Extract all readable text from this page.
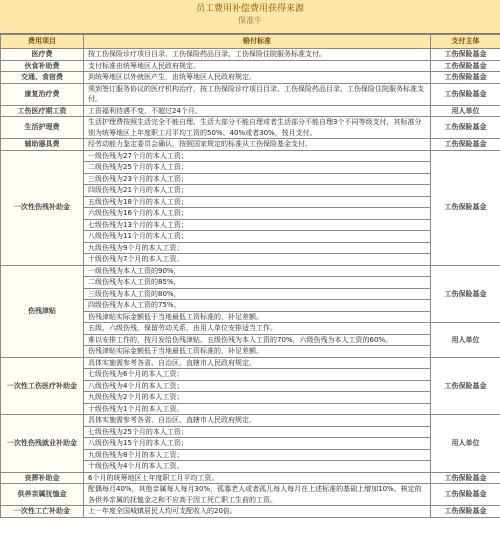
员工费用补偿费用获得来源
保准牛
费用项目	赔付标准	支付主体
医疗费	按工伤保险诊疗项目目录、工伤保险药品目录、工伤保险住院服务标准支付。	工伤保险基金
伙食补助费	支付标准由统筹地区人民政府规定。	工伤保险基金
交通、食宿费	到统筹地区以外就医产生，由统筹地区人民政府规定。	工伤保险基金
康复治疗费	须到签订服务协议的医疗机构治疗，按工伤保险诊疗项目目录、工伤保险药品目录、工伤保险住院服务标准支付。	工伤保险基金
工伤医疗期工资	工资福利待遇不变，不超过24个月。	用人单位
生活护理费	生活护理费按照生活完全不能自理、生活大部分不能自理或者生活部分不能自理3个不同等级支付，其标准分别为统筹地区上年度职工月平均工资的50%、40%或者30%，按月支付。	工伤保险基金
辅助器具费	经劳动能力鉴定委员会确认，按照国家规定的标准从工伤保险基金支付。	工伤保险基金
一次性伤残补助金	一级伤残为27个月的本人工资；	工伤保险基金
	二级伤残为25个月的本人工资；	
	三级伤残为23个月的本人工资；	
	四级伤残为21个月的本人工资；	
	五级伤残为18个月的本人工资；	
	六级伤残为16个月的本人工资；	
	七级伤残为13个月的本人工资；	
	八级伤残为11个月的本人工资；	
	九级伤残为9个月的本人工资；	
	十级伤残为7个月的本人工资。	
伤残津贴	一级伤残为本人工资的90%，	工伤保险基金
	二级伤残为本人工资的85%，	
	三级伤残为本人工资的80%，	
	四级伤残为本人工资的75%。	
	伤残津贴实际金额低于当地最低工资标准的，补足差额。	
	五级、六级伤残，保留劳动关系，由用人单位安排适当工作。	用人单位
	难以安排工作的，按月发给伤残津贴。五级伤残为本人工资的70%，六级伤残为本人工资的60%。	
	伤残津贴实际金额低于当地最低工资标准的，补足差额。	
一次性工伤医疗补助金	具体实施需参考各省、自治区、直辖市人民政府规定。	工伤保险基金
	七级伤残为6个月的本人工资；	
	八级伤残为4个月的本人工资；	
	九级伤残为2个月的本人工资；	
	十级伤残为1个月的本人工资。	
一次性伤残就业补助金	具体实施需参考各省、自治区、直辖市人民政府规定。	用人单位
	七级伤残为25个月的本人工资；	
	八级伤残为15个月的本人工资；	
	九级伤残为8个月的本人工资；	
	十级伤残为4个月的本人工资。	
丧葬补助金	6个月的统筹地区上年度职工月平均工资。	工伤保险基金
供养亲属抚恤金	配偶每月40%，其他亲属每人每月30%，孤寡老人或者孤儿每人每月在上述标准的基础上增加10%。核定的各供养亲属的抚恤金之和不应高于因工死亡职工生前的工资。	工伤保险基金
一次性工亡补助金	上一年度全国城镇居民人均可支配收入的20倍。	工伤保险基金
